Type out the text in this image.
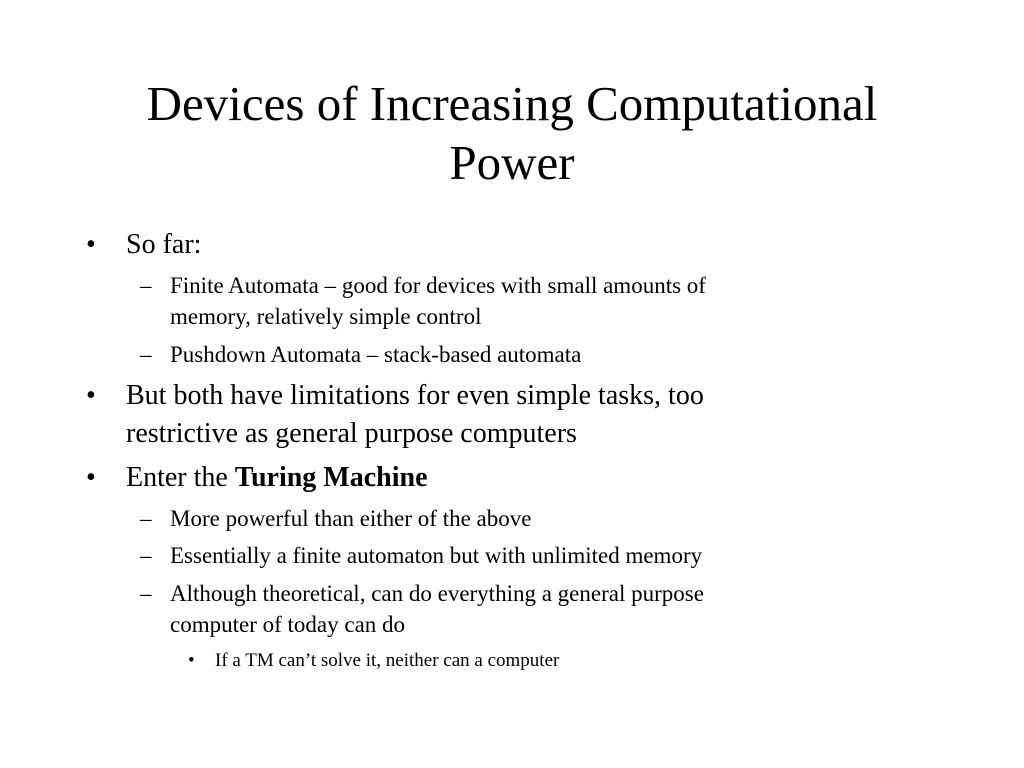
Devices of Increasing Computational
Power
• So far:
– Finite Automata – good for devices with small amounts of
memory, relatively simple control
– Pushdown Automata – stack-based automata
• But both have limitations for even simple tasks, too
restrictive as general purpose computers
• Enter the Turing Machine
– More powerful than either of the above
– Essentially a finite automaton but with unlimited memory
– Although theoretical, can do everything a general purpose
computer of today can do
• If a TM can’t solve it, neither can a computer
